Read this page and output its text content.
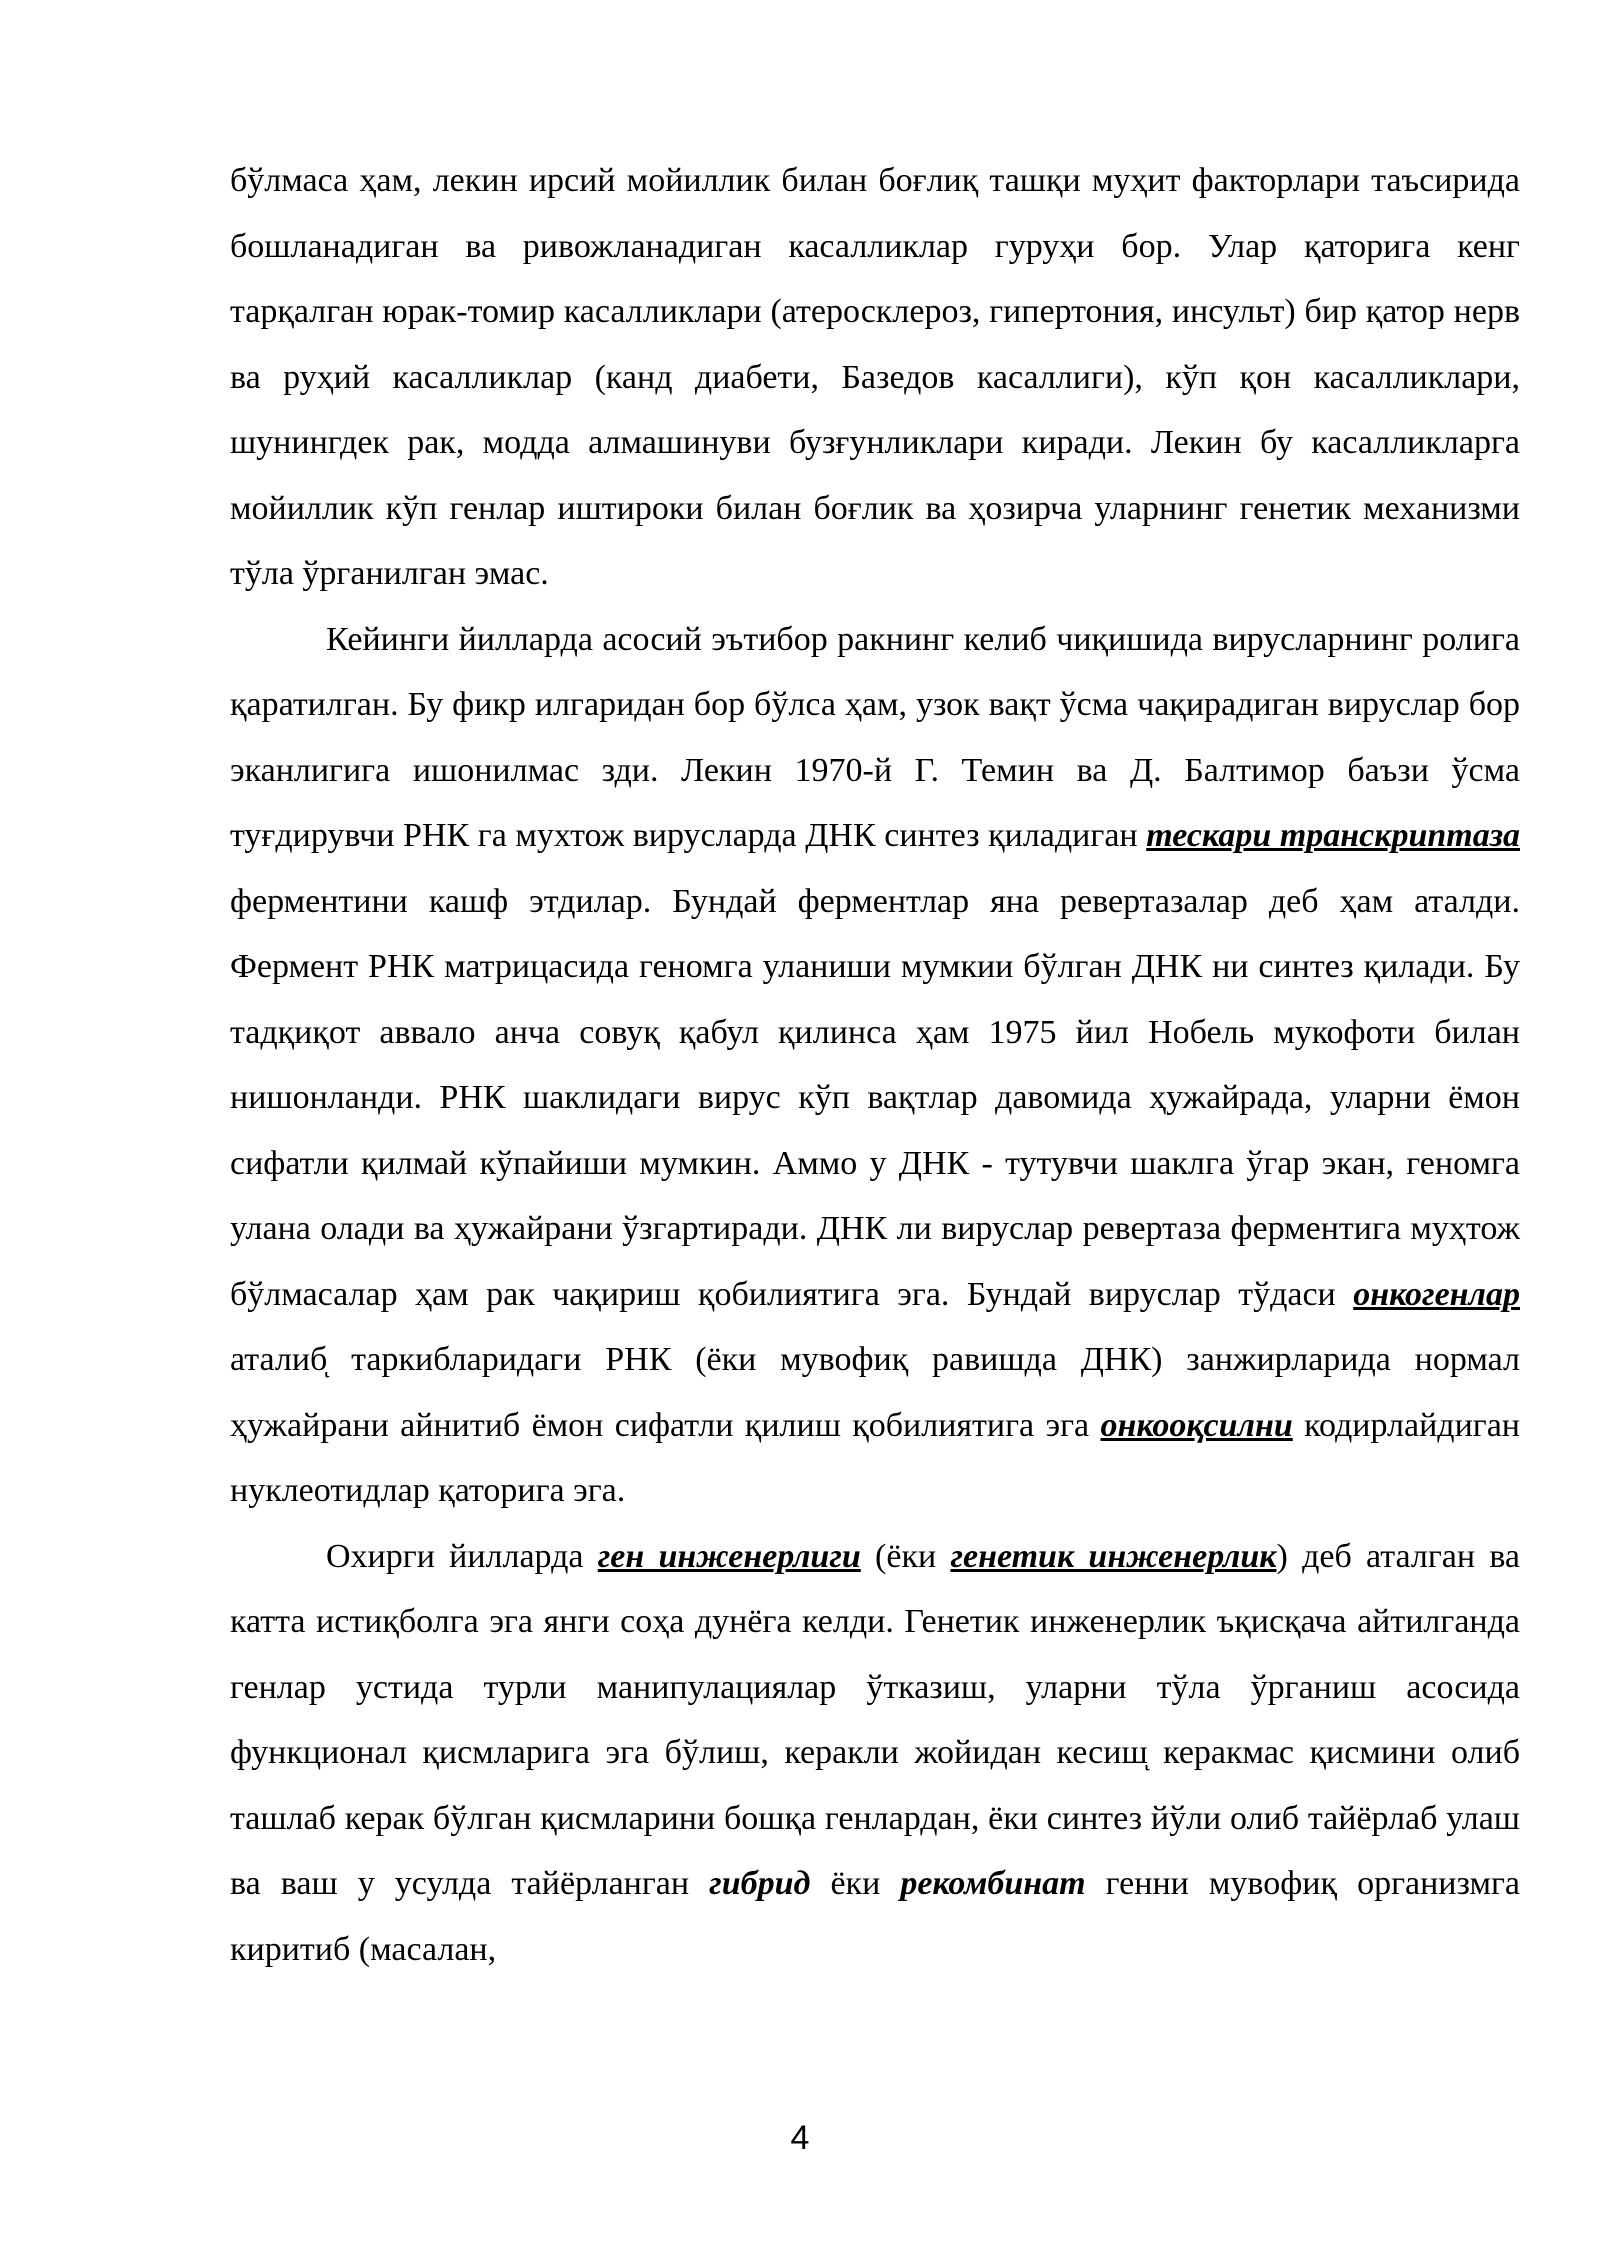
бўлмаса ҳам, лекин ирсий мойиллик билан боғлиқ ташқи муҳит факторлари таъсирида бошланадиган ва ривожланадиган касалликлар гуруҳи бор. Улар қаторига кенг тарқалган юрак-томир касалликлари (атеросклероз, гипертония, инсульт) бир қатор нерв ва руҳий касалликлар (канд диабети, Базедов касаллиги), кўп қон касалликлари, шунингдек рак, модда алмашинуви бузғунликлари киради. Лекин бу касалликларга мойиллик кўп генлар иштироки билан боғлик ва ҳозирча уларнинг генетик механизми тўла ўрганилган эмас.

Кейинги йилларда асосий эътибор ракнинг келиб чиқишида вирусларнинг ролига қаратилган. Бу фикр илгаридан бор бўлса ҳам, узок вақт ўсма чақирадиган вируслар бор эканлигига ишонилмас зди. Лекин 1970-й Г. Темин ва Д. Балтимор баъзи ўсма туғдирувчи РНК га мухтож вирусларда ДНК синтез қиладиган тескари транскриптаза ферментини кашф этдилар. Бундай ферментлар яна ревертазалар деб ҳам аталди. Фермент РНК матрицасида геномга уланиши мумкии бўлган ДНК ни синтез қилади. Бу тадқиқот аввало анча совуқ қабул қилинса ҳам 1975 йил Нобель мукофоти билан нишонланди. РНК шаклидаги вирус кўп вақтлар давомида ҳужайрада, уларни ёмон сифатли қилмай кўпайиши мумкин. Аммо у ДНК - тутувчи шаклга ўгар экан, геномга улана олади ва ҳужайрани ўзгартиради. ДНК ли вируслар ревертаза ферментига муҳтож бўлмасалар ҳам рак чақириш қобилиятига эга. Бундай вируслар тўдаси онкогенлар аталибͅ таркибларидаги РНК (ёки мувофиқ равишда ДНК) занжирларида нормал ҳужайрани айнитиб ёмон сифатли қилиш қобилиятига эга онкооқсилни кодирлайдиган нуклеотидлар қаторига эга.

Охирги йилларда ген инженерлиги (ёки генетик инженерлик) деб аталган ва катта истиқболга эга янги соҳа дунёга келди. Генетик инженерлик ъқисқача айтилганда генлар устида турли манипулациялар ўтказиш, уларни тўла ўрганиш асосида функционал қисмларига эга бўлиш, керакли жойидан кесишͅ керакмас қисмини олиб ташлаб керак бўлган қисмларини бошқа генлардан, ёки синтез йўли олиб тайёрлаб улаш ва ваш у усулда тайёрланган гибрид ёки рекомбинат генни мувофиқ организмга киритиб (масалан,

4
